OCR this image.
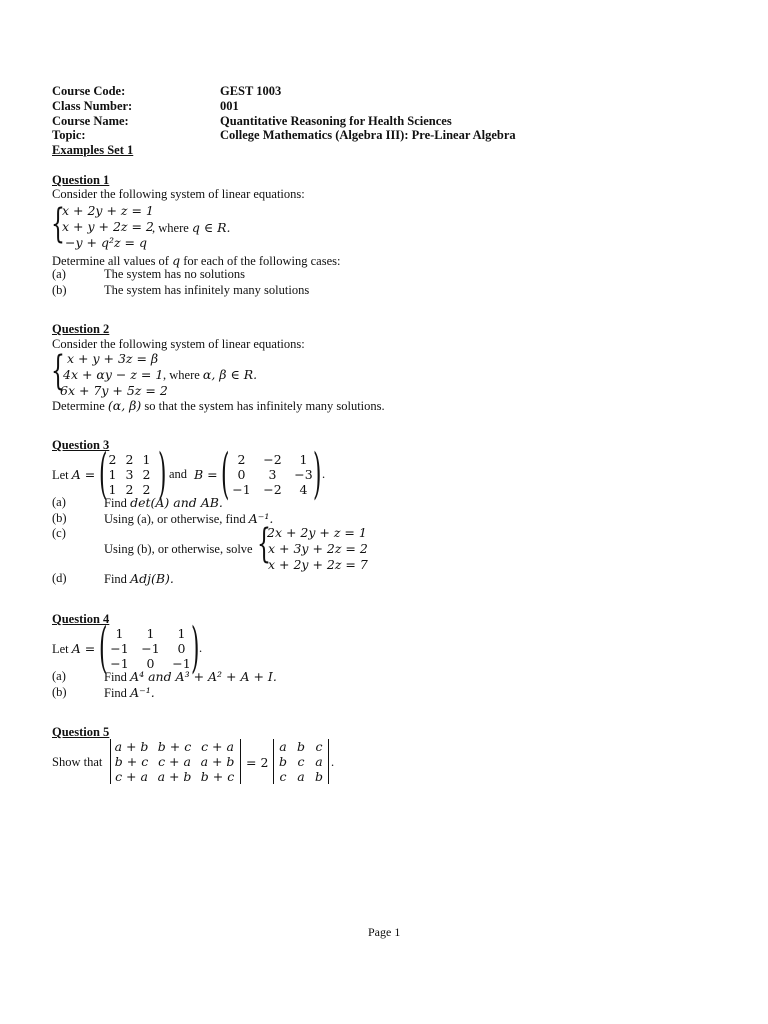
Course Code:	GEST 1003
Class Number:	001
Course Name:	Quantitative Reasoning for Health Sciences
Topic:	College Mathematics (Algebra III): Pre-Linear Algebra
Examples Set 1
Question 1
Consider the following system of linear equations:
{
x + 2y + z = 1
x + y + 2z = 2
−y + q²z = q
, where q ∈ R.
Determine all values of q for each of the following cases:
(a)	The system has no solutions
(b)	The system has infinitely many solutions
Question 2
Consider the following system of linear equations:
{ x + y + 3z = β
4x + αy − z = 1
6x + 7y + 5z = 2
, where α, β ∈ R.
Determine (α, β) so that the system has infinitely many solutions.
Question 3
Let A = ( 2 2 1
1 3 2
1 2 2 ) and B = ( 2	−2	1
0	3	−3
−1	−2	4 ) .
(a)	Find det(A) and AB.
(b)	Using (a), or otherwise, find A⁻¹.
(c)
Using (b), or otherwise, solve {
2x + 2y + z = 1
x + 3y + 2z = 2
x + 2y + 2z = 7
(d)	Find Adj(B).
Question 4
Let A = ( 1	1	1
−1	−1	0
−1	0	−1 ) .
(a)	Find A⁴ and A³ + A² + A + I.
(b)	Find A⁻¹.
Question 5
Show that
a + b b + c c + a
b + c c + a a + b
c + a a + b b + c
= 2
a b c
b c a
c a b
.
Page 1
